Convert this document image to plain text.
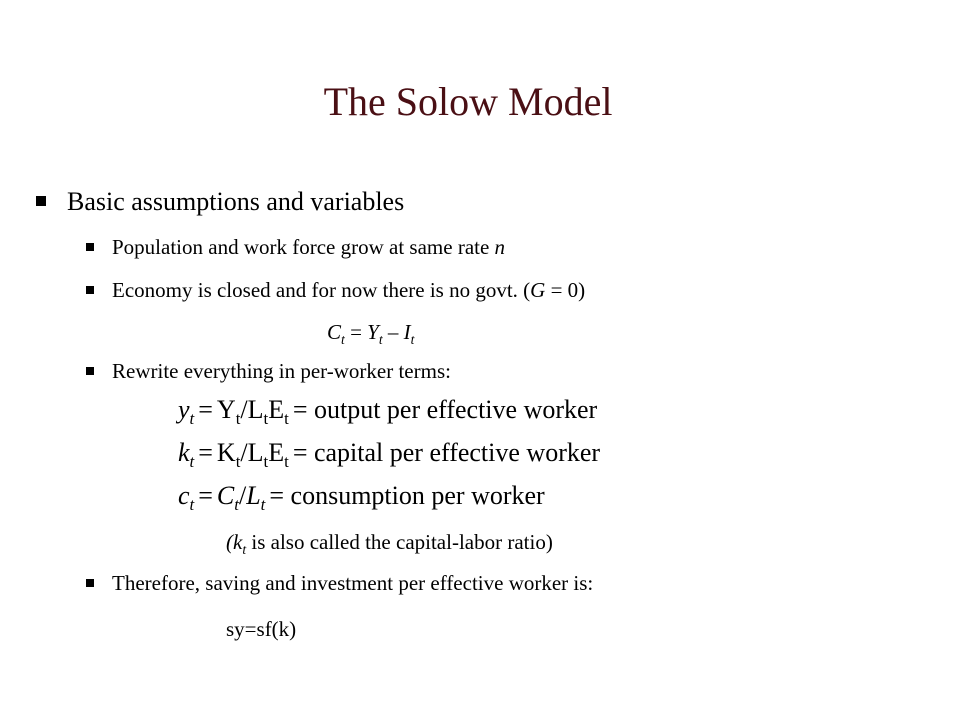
The Solow Model
Basic assumptions and variables
Population and work force grow at same rate n
Economy is closed and for now there is no govt. (G = 0)
$C_t = Y_t - I_t$
Rewrite everything in per-worker terms:
$y_t = Y_t/L_tE_t$ = output per effective worker
$k_t = K_t/L_tE_t$ = capital per effective worker
$c_t = C_t/L_t$ = consumption per worker
($k_t$ is also called the capital-labor ratio)
Therefore, saving and investment per effective worker is:
sy=sf(k)
